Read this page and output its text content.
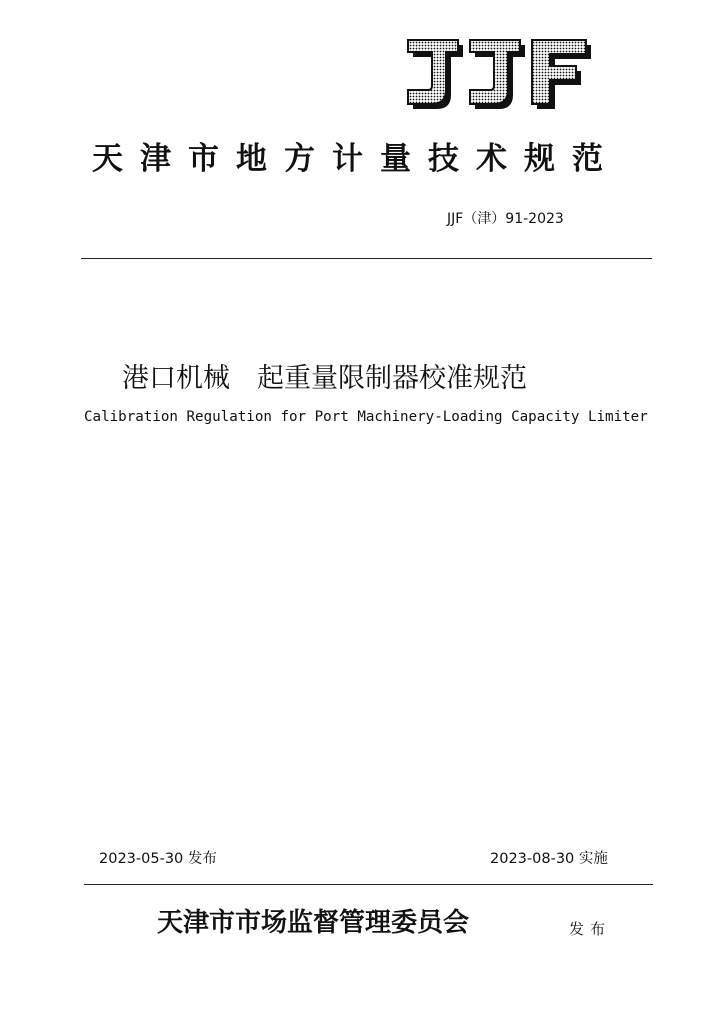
天津市地方计量技术规范
JJF（津）91-2023
港口机械　起重量限制器校准规范
Calibration Regulation for Port Machinery-Loading Capacity Limiter
2023-05-30 发布	2023-08-30 实施
天津市市场监督管理委员会	发布
